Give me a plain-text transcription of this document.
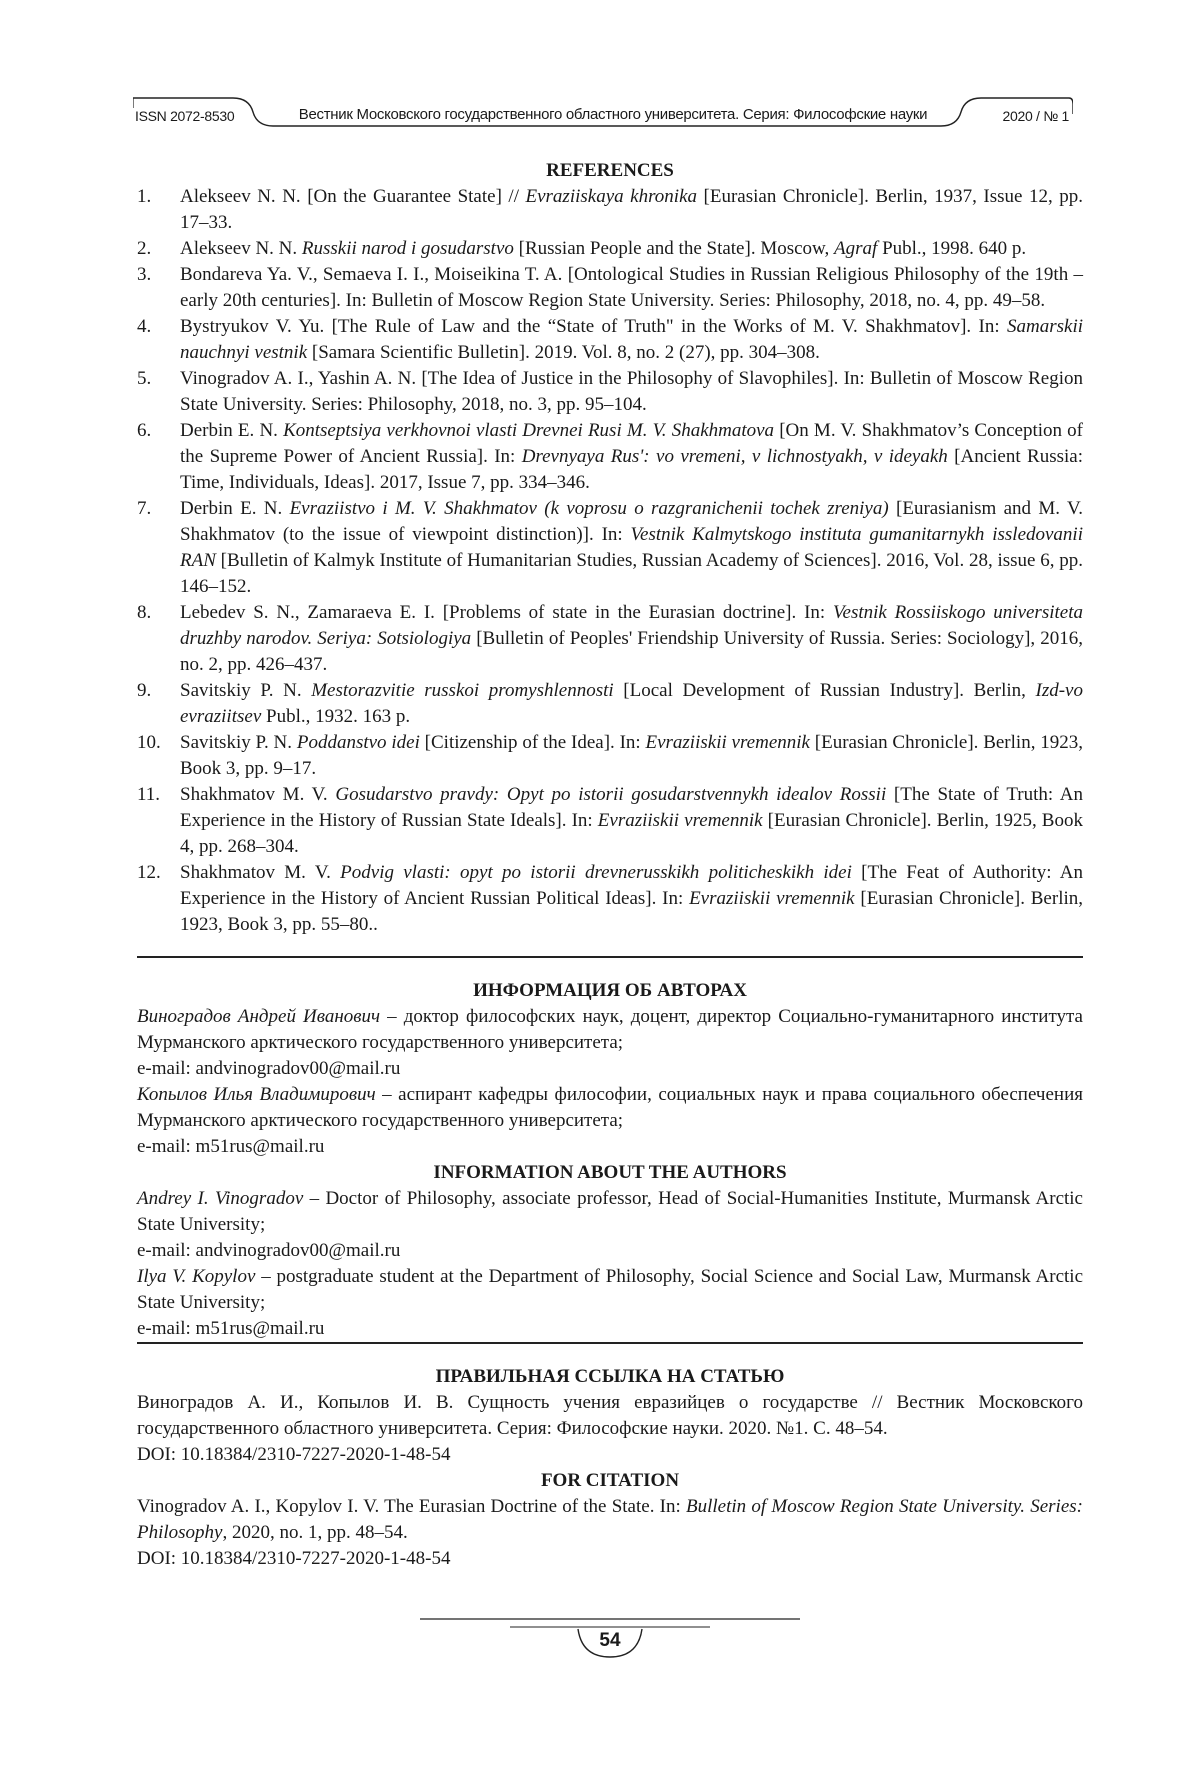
ISSN 2072-8530	Вестник Московского государственного областного университета. Серия: Философские науки	2020 / № 1
REFERENCES
1. Alekseev N. N. [On the Guarantee State] // Evraziiskaya khronika [Eurasian Chronicle]. Berlin, 1937, Issue 12, pp. 17–33.
2. Alekseev N. N. Russkii narod i gosudarstvo [Russian People and the State]. Moscow, Agraf Publ., 1998. 640 p.
3. Bondareva Ya. V., Semaeva I. I., Moiseikina T. A. [Ontological Studies in Russian Religious Philosophy of the 19th – early 20th centuries]. In: Bulletin of Moscow Region State University. Series: Philosophy, 2018, no. 4, pp. 49–58.
4. Bystryukov V. Yu. [The Rule of Law and the “State of Truth" in the Works of M. V. Shakhmatov]. In: Samarskii nauchnyi vestnik [Samara Scientific Bulletin]. 2019. Vol. 8, no. 2 (27), pp. 304–308.
5. Vinogradov A. I., Yashin A. N. [The Idea of Justice in the Philosophy of Slavophiles]. In: Bulletin of Moscow Region State University. Series: Philosophy, 2018, no. 3, pp. 95–104.
6. Derbin E. N. Kontseptsiya verkhovnoi vlasti Drevnei Rusi M. V. Shakhmatova [On M. V. Shakhmatov’s Conception of the Supreme Power of Ancient Russia]. In: Drevnyaya Rus': vo vremeni, v lichnostyakh, v ideyakh [Ancient Russia: Time, Individuals, Ideas]. 2017, Issue 7, pp. 334–346.
7. Derbin E. N. Evraziistvo i M. V. Shakhmatov (k voprosu o razgranichenii tochek zreniya) [Eurasianism and M. V. Shakhmatov (to the issue of viewpoint distinction)]. In: Vestnik Kalmytskogo instituta gumanitarnykh issledovanii RAN [Bulletin of Kalmyk Institute of Humanitarian Studies, Russian Academy of Sciences]. 2016, Vol. 28, issue 6, pp. 146–152.
8. Lebedev S. N., Zamaraeva E. I. [Problems of state in the Eurasian doctrine]. In: Vestnik Rossiiskogo universiteta druzhby narodov. Seriya: Sotsiologiya [Bulletin of Peoples' Friendship University of Russia. Series: Sociology], 2016, no. 2, pp. 426–437.
9. Savitskiy P. N. Mestorazvitie russkoi promyshlennosti [Local Development of Russian Industry]. Berlin, Izd-vo evraziitsev Publ., 1932. 163 p.
10. Savitskiy P. N. Poddanstvo idei [Citizenship of the Idea]. In: Evraziiskii vremennik [Eurasian Chronicle]. Berlin, 1923, Book 3, pp. 9–17.
11. Shakhmatov M. V. Gosudarstvo pravdy: Opyt po istorii gosudarstvennykh idealov Rossii [The State of Truth: An Experience in the History of Russian State Ideals]. In: Evraziiskii vremennik [Eurasian Chronicle]. Berlin, 1925, Book 4, pp. 268–304.
12. Shakhmatov M. V. Podvig vlasti: opyt po istorii drevnerusskikh politicheskikh idei [The Feat of Authority: An Experience in the History of Ancient Russian Political Ideas]. In: Evraziiskii vremennik [Eurasian Chronicle]. Berlin, 1923, Book 3, pp. 55–80..
ИНФОРМАЦИЯ ОБ АВТОРАХ

Виноградов Андрей Иванович – доктор философских наук, доцент, директор Социально-гуманитарного института Мурманского арктического государственного университета;

e-mail: andvinogradov00@mail.ru

Копылов Илья Владимирович – аспирант кафедры философии, социальных наук и права социального обеспечения Мурманского арктического государственного университета;

e-mail: m51rus@mail.ru

INFORMATION ABOUT THE AUTHORS

Andrey I. Vinogradov – Doctor of Philosophy, associate professor, Head of Social-Humanities Institute, Murmansk Arctic State University;

e-mail: andvinogradov00@mail.ru

Ilya V. Kopylov – postgraduate student at the Department of Philosophy, Social Science and Social Law, Murmansk Arctic State University;

e-mail: m51rus@mail.ru

ПРАВИЛЬНАЯ ССЫЛКА НА СТАТЬЮ

Виноградов А. И., Копылов И. В. Сущность учения евразийцев о государстве // Вестник Московского государственного областного университета. Серия: Философские науки. 2020. №1. С. 48–54.

DOI: 10.18384/2310-7227-2020-1-48-54

FOR CITATION

Vinogradov A. I., Kopylov I. V. The Eurasian Doctrine of the State. In: Bulletin of Moscow Region State University. Series: Philosophy, 2020, no. 1, pp. 48–54.

DOI: 10.18384/2310-7227-2020-1-48-54

54
